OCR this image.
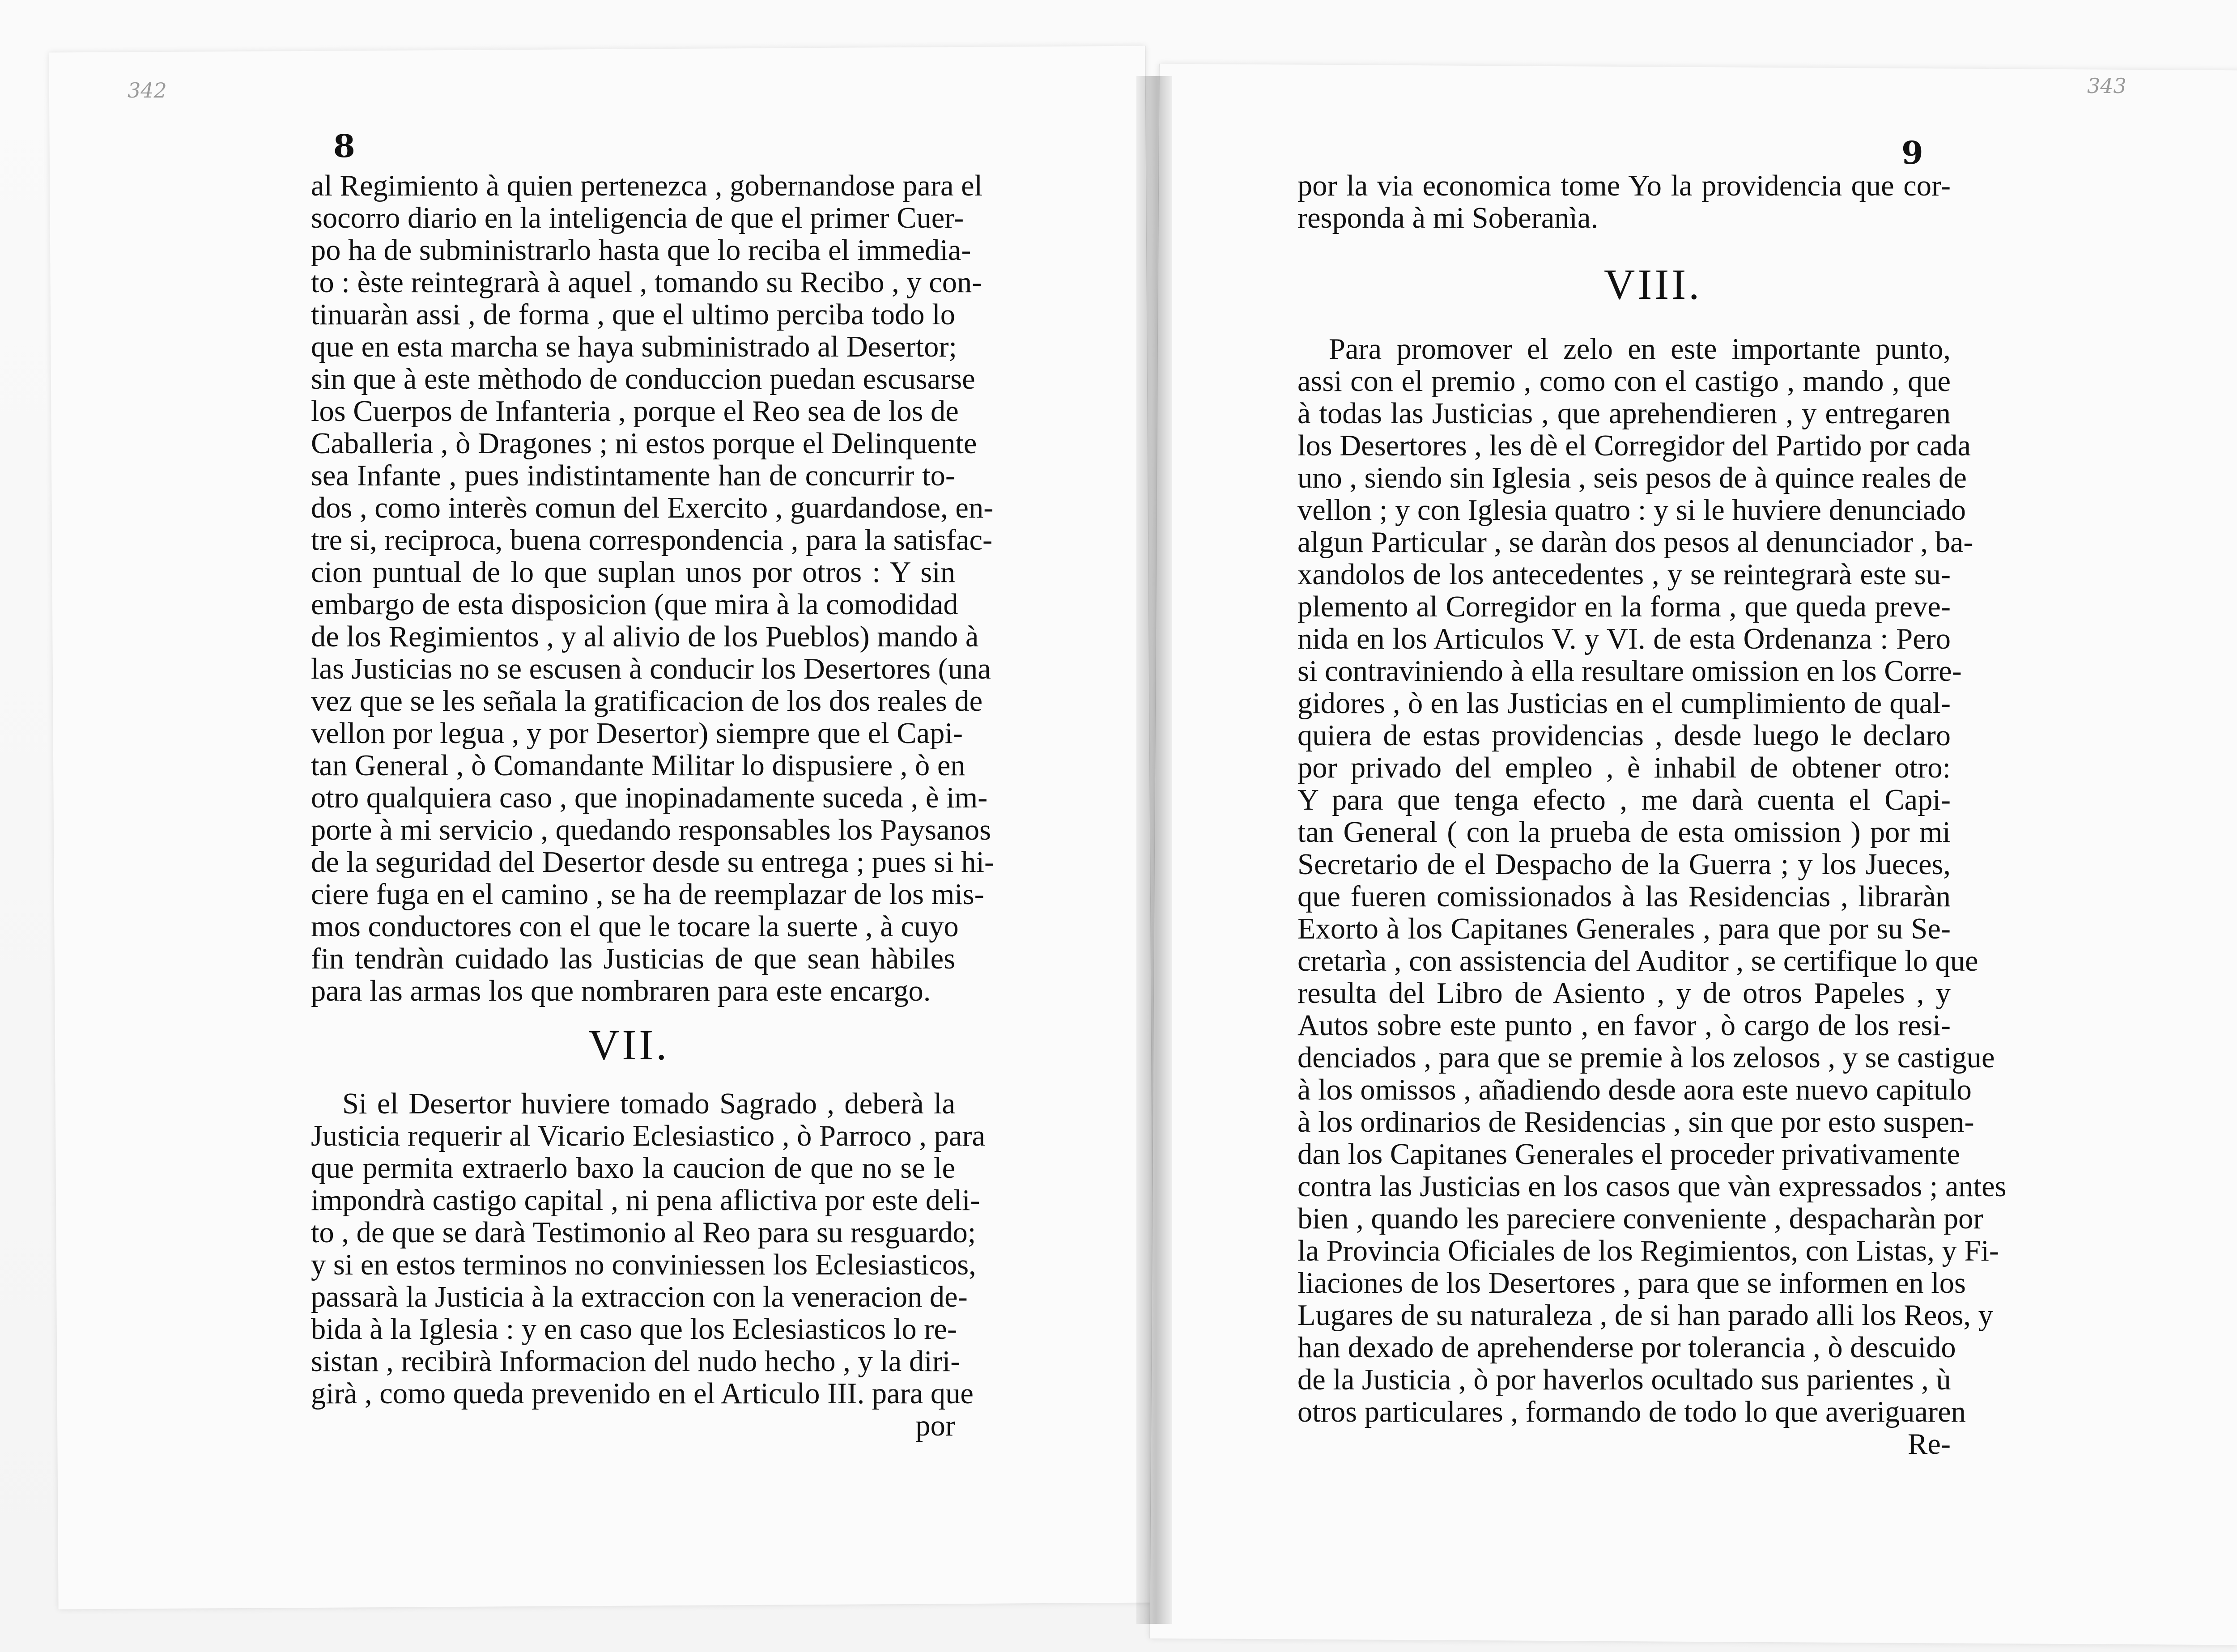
342	343
8	9
al Regimiento à quien pertenezca , gobernandose para el
socorro diario en la inteligencia de que el primer Cuer-
po ha de subministrarlo hasta que lo reciba el immedia-
to : èste reintegrarà à aquel , tomando su Recibo , y con-
tinuaràn assi , de forma , que el ultimo perciba todo lo
que en esta marcha se haya subministrado al Desertor;
sin que à este mèthodo de conduccion puedan escusarse
los Cuerpos de Infanteria , porque el Reo sea de los de
Caballeria , ò Dragones ; ni estos porque el Delinquente
sea Infante , pues indistintamente han de concurrir to-
dos , como interès comun del Exercito , guardandose, en-
tre si, reciproca, buena correspondencia , para la satisfac-
cion puntual de lo que suplan unos por otros : Y sin
embargo de esta disposicion (que mira à la comodidad
de los Regimientos , y al alivio de los Pueblos) mando à
las Justicias no se escusen à conducir los Desertores (una
vez que se les señala la gratificacion de los dos reales de
vellon por legua , y por Desertor) siempre que el Capi-
tan General , ò Comandante Militar lo dispusiere , ò en
otro qualquiera caso , que inopinadamente suceda , è im-
porte à mi servicio , quedando responsables los Paysanos
de la seguridad del Desertor desde su entrega ; pues si hi-
ciere fuga en el camino , se ha de reemplazar de los mis-
mos conductores con el que le tocare la suerte , à cuyo
fin tendràn cuidado las Justicias de que sean hàbiles
para las armas los que nombraren para este encargo.
VII.
Si el Desertor huviere tomado Sagrado , deberà la
Justicia requerir al Vicario Eclesiastico , ò Parroco , para
que permita extraerlo baxo la caucion de que no se le
impondrà castigo capital , ni pena aflictiva por este deli-
to , de que se darà Testimonio al Reo para su resguardo;
y si en estos terminos no conviniessen los Eclesiasticos,
passarà la Justicia à la extraccion con la veneracion de-
bida à la Iglesia : y en caso que los Eclesiasticos lo re-
sistan , recibirà Informacion del nudo hecho , y la diri-
girà , como queda prevenido en el Articulo III. para que
por
por la via economica tome Yo la providencia que cor-
responda à mi Soberanìa.
VIII.
Para promover el zelo en este importante punto,
assi con el premio , como con el castigo , mando , que
à todas las Justicias , que aprehendieren , y entregaren
los Desertores , les dè el Corregidor del Partido por cada
uno , siendo sin Iglesia , seis pesos de à quince reales de
vellon ; y con Iglesia quatro : y si le huviere denunciado
algun Particular , se daràn dos pesos al denunciador , ba-
xandolos de los antecedentes , y se reintegrarà este su-
plemento al Corregidor en la forma , que queda preve-
nida en los Articulos V. y VI. de esta Ordenanza : Pero
si contraviniendo à ella resultare omission en los Corre-
gidores , ò en las Justicias en el cumplimiento de qual-
quiera de estas providencias , desde luego le declaro
por privado del empleo , è inhabil de obtener otro:
Y para que tenga efecto , me darà cuenta el Capi-
tan General ( con la prueba de esta omission ) por mi
Secretario de el Despacho de la Guerra ; y los Jueces,
que fueren comissionados à las Residencias , libraràn
Exorto à los Capitanes Generales , para que por su Se-
cretarìa , con assistencia del Auditor , se certifique lo que
resulta del Libro de Asiento , y de otros Papeles , y
Autos sobre este punto , en favor , ò cargo de los resi-
denciados , para que se premie à los zelosos , y se castigue
à los omissos , añadiendo desde aora este nuevo capitulo
à los ordinarios de Residencias , sin que por esto suspen-
dan los Capitanes Generales el proceder privativamente
contra las Justicias en los casos que vàn expressados ; antes
bien , quando les pareciere conveniente , despacharàn por
la Provincia Oficiales de los Regimientos, con Listas, y Fi-
liaciones de los Desertores , para que se informen en los
Lugares de su naturaleza , de si han parado alli los Reos, y
han dexado de aprehenderse por tolerancia , ò descuido
de la Justicia , ò por haverlos ocultado sus parientes , ù
otros particulares , formando de todo lo que averiguaren
Re-
